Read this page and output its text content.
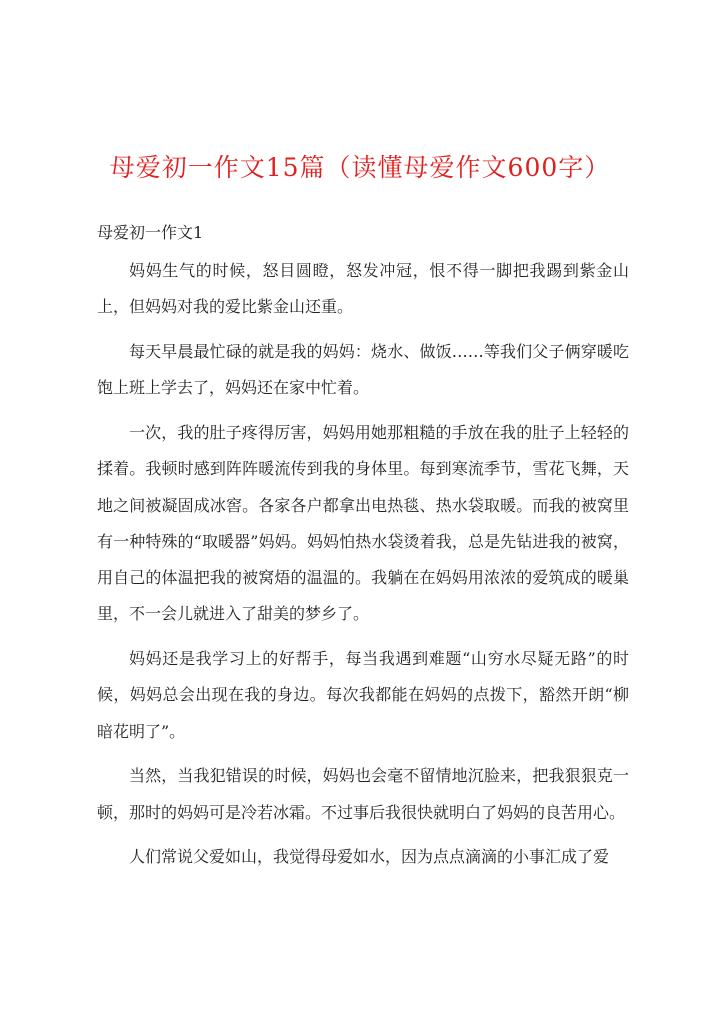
母爱初一作文15篇（读懂母爱作文600字）
母爱初一作文1

妈妈生气的时候，怒目圆瞪，怒发冲冠，恨不得一脚把我踢到紫金山上，但妈妈对我的爱比紫金山还重。

每天早晨最忙碌的就是我的妈妈：烧水、做饭……等我们父子俩穿暖吃饱上班上学去了，妈妈还在家中忙着。

一次，我的肚子疼得厉害，妈妈用她那粗糙的手放在我的肚子上轻轻的揉着。我顿时感到阵阵暖流传到我的身体里。每到寒流季节，雪花飞舞，天地之间被凝固成冰窖。各家各户都拿出电热毯、热水袋取暖。而我的被窝里有一种特殊的“取暖器”妈妈。妈妈怕热水袋烫着我，总是先钻进我的被窝，用自己的体温把我的被窝焐的温温的。我躺在在妈妈用浓浓的爱筑成的暖巢里，不一会儿就进入了甜美的梦乡了。

妈妈还是我学习上的好帮手，每当我遇到难题“山穷水尽疑无路”的时候，妈妈总会出现在我的身边。每次我都能在妈妈的点拨下，豁然开朗“柳暗花明了”。

当然，当我犯错误的时候，妈妈也会毫不留情地沉脸来，把我狠狠克一顿，那时的妈妈可是冷若冰霜。不过事后我很快就明白了妈妈的良苦用心。

人们常说父爱如山，我觉得母爱如水，因为点点滴滴的小事汇成了爱
